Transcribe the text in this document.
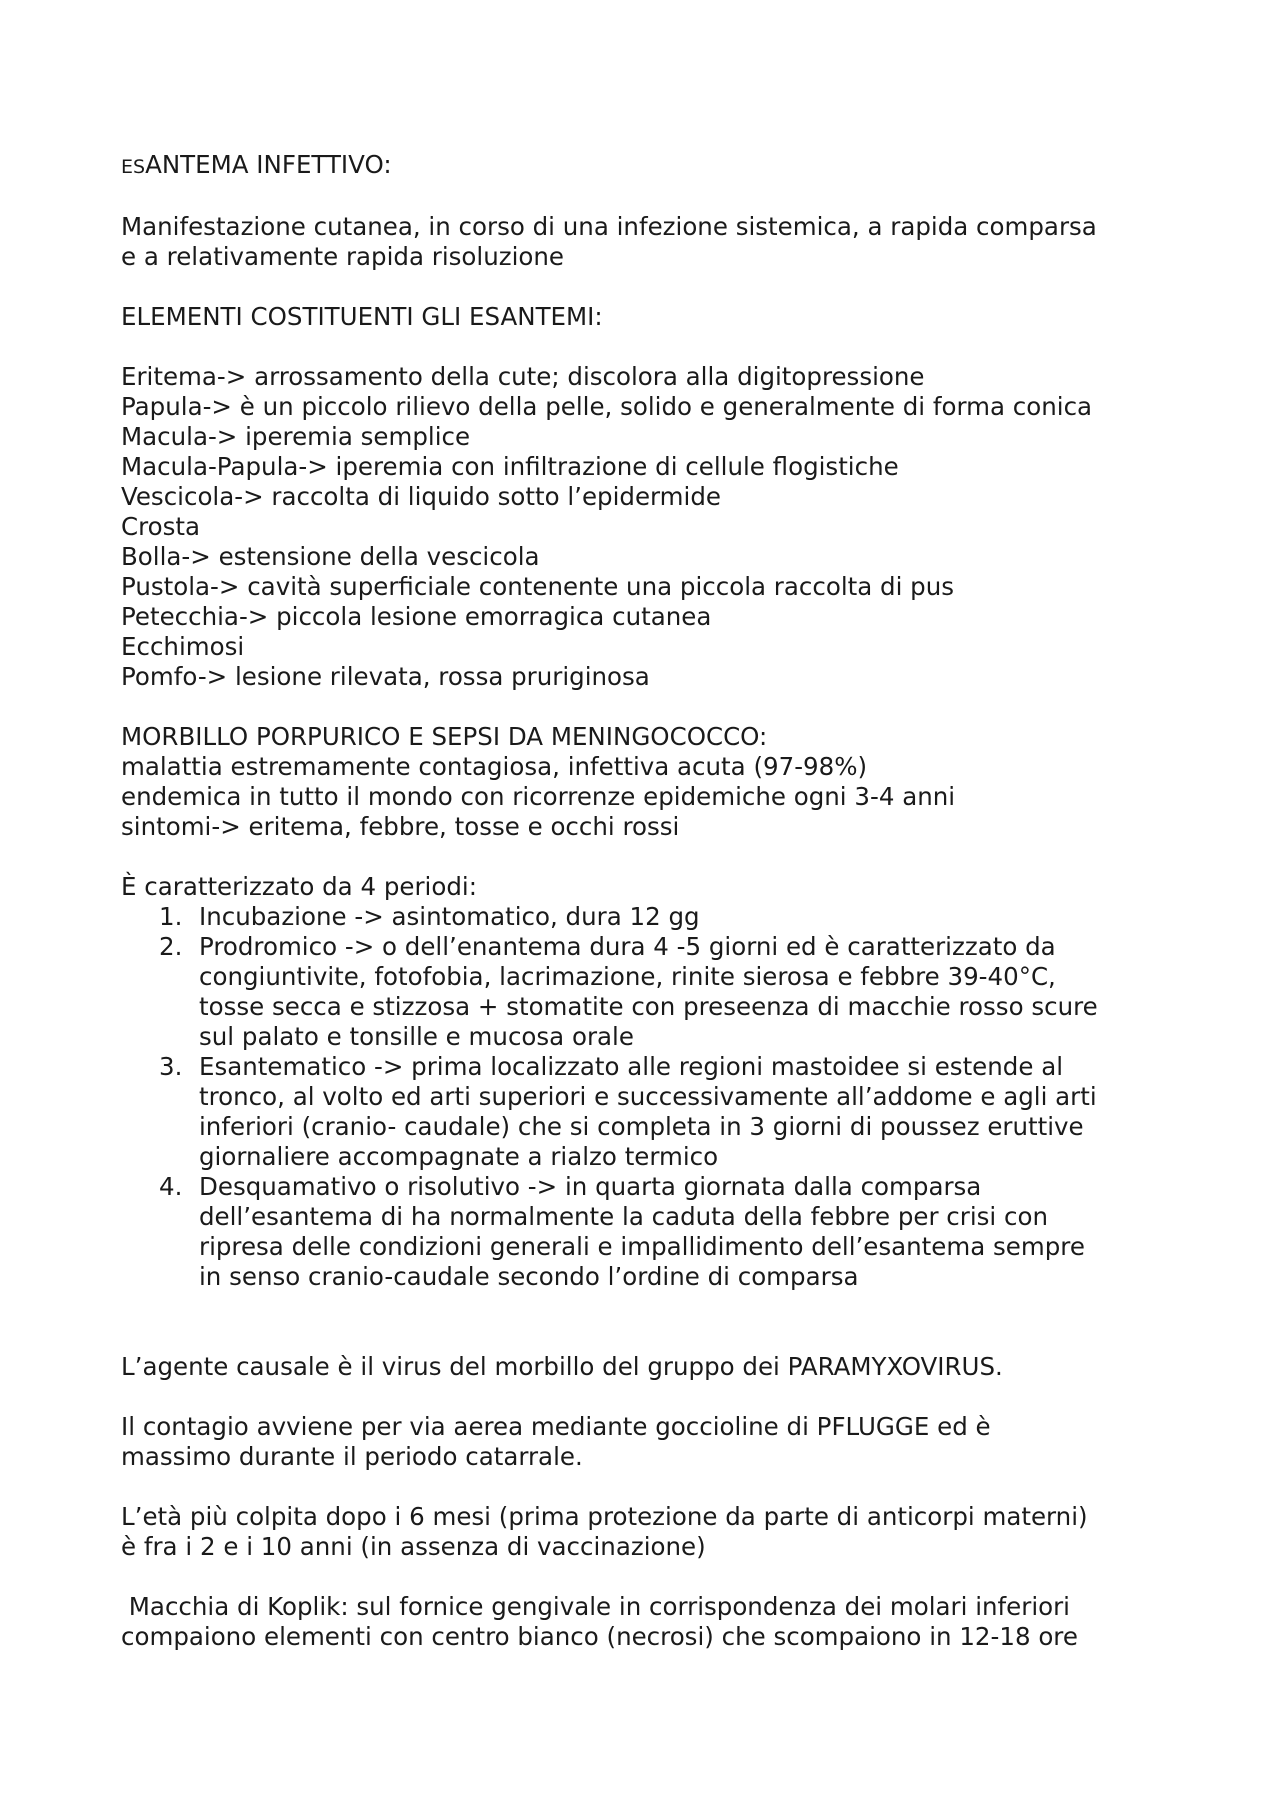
ESANTEMA INFETTIVO:

Manifestazione cutanea, in corso di una infezione sistemica, a rapida comparsa

e a relativamente rapida risoluzione

ELEMENTI COSTITUENTI GLI ESANTEMI:

Eritema-> arrossamento della cute; discolora alla digitopressione

Papula-> è un piccolo rilievo della pelle, solido e generalmente di forma conica

Macula-> iperemia semplice

Macula-Papula-> iperemia con infiltrazione di cellule flogistiche

Vescicola-> raccolta di liquido sotto l’epidermide

Crosta

Bolla-> estensione della vescicola

Pustola-> cavità superficiale contenente una piccola raccolta di pus

Petecchia-> piccola lesione emorragica cutanea

Ecchimosi

Pomfo-> lesione rilevata, rossa pruriginosa

MORBILLO PORPURICO E SEPSI DA MENINGOCOCCO:

malattia estremamente contagiosa, infettiva acuta (97-98%)

endemica in tutto il mondo con ricorrenze epidemiche ogni 3-4 anni

sintomi-> eritema, febbre, tosse e occhi rossi

È caratterizzato da 4 periodi:

1. Incubazione -> asintomatico, dura 12 gg
2. Prodromico -> o dell’enantema dura 4 -5 giorni ed è caratterizzato da
congiuntivite, fotofobia, lacrimazione, rinite sierosa e febbre 39-40°C,
tosse secca e stizzosa + stomatite con preseenza di macchie rosso scure
sul palato e tonsille e mucosa orale
3. Esantematico -> prima localizzato alle regioni mastoidee si estende al
tronco, al volto ed arti superiori e successivamente all’addome e agli arti
inferiori (cranio- caudale) che si completa in 3 giorni di poussez eruttive
giornaliere accompagnate a rialzo termico
4. Desquamativo o risolutivo -> in quarta giornata dalla comparsa
dell’esantema di ha normalmente la caduta della febbre per crisi con
ripresa delle condizioni generali e impallidimento dell’esantema sempre
in senso cranio-caudale secondo l’ordine di comparsa

L’agente causale è il virus del morbillo del gruppo dei PARAMYXOVIRUS.

Il contagio avviene per via aerea mediante goccioline di PFLUGGE ed è

massimo durante il periodo catarrale.

L’età più colpita dopo i 6 mesi (prima protezione da parte di anticorpi materni)

è fra i 2 e i 10 anni (in assenza di vaccinazione)

Macchia di Koplik: sul fornice gengivale in corrispondenza dei molari inferiori

compaiono elementi con centro bianco (necrosi) che scompaiono in 12-18 ore
